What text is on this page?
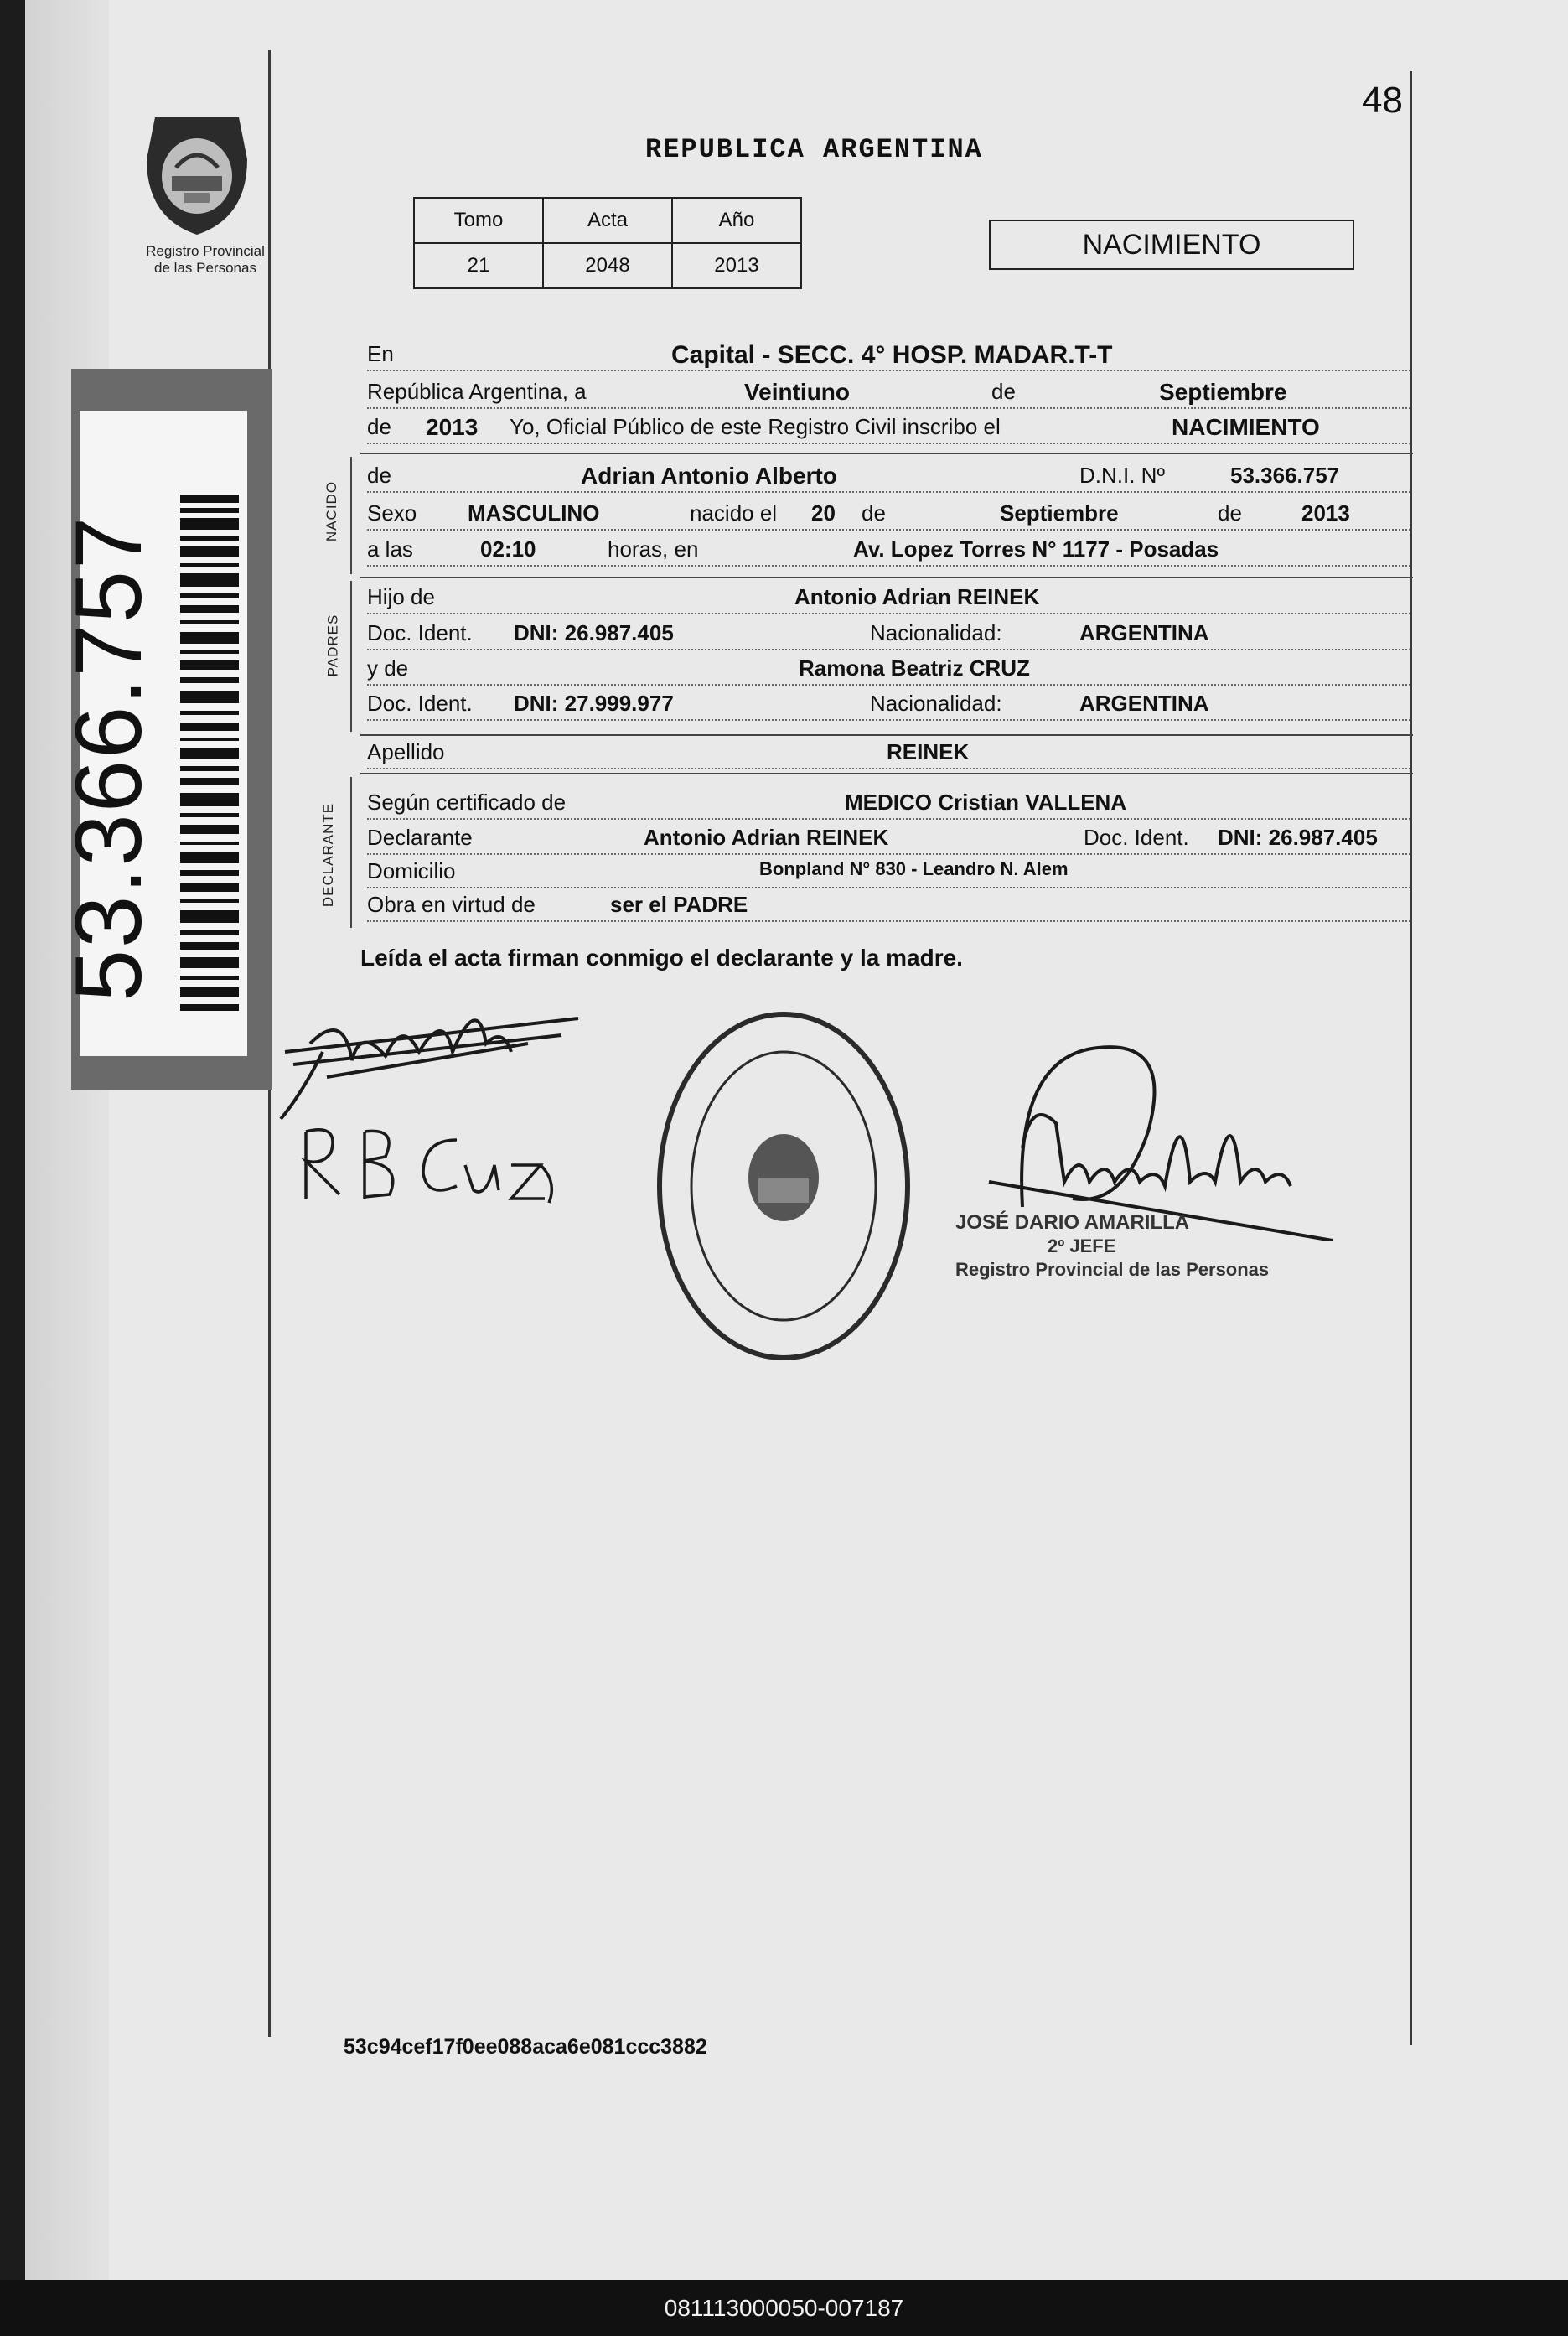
Registro Provincial
de las Personas
53.366.757
48
REPUBLICA ARGENTINA
Tomo	Acta	Año
21	2048	2013
NACIMIENTO
En	Capital - SECC. 4° HOSP. MADAR.T-T
República Argentina, a	Veintiuno	de	Septiembre
de 2013 Yo, Oficial Público de este Registro Civil inscribo el	NACIMIENTO
NACIDO
de	Adrian Antonio Alberto	D.N.I. Nº	53.366.757
Sexo MASCULINO	nacido el 20 de	Septiembre	de	2013
a las	02:10	horas, en	Av. Lopez Torres N° 1177 - Posadas
PADRES
Hijo de	Antonio Adrian REINEK
Doc. Ident. DNI: 26.987.405	Nacionalidad:	ARGENTINA
y de	Ramona Beatriz CRUZ
Doc. Ident. DNI: 27.999.977	Nacionalidad:	ARGENTINA
Apellido	REINEK
DECLARANTE
Según certificado de	MEDICO Cristian VALLENA
Declarante	Antonio Adrian REINEK	Doc. Ident. DNI: 26.987.405
Domicilio	Bonpland N° 830 - Leandro N. Alem
Obra en virtud de	ser el PADRE
Leída el acta firman conmigo el declarante y la madre.
JOSÉ DARIO AMARILLA
2º JEFE
Registro Provincial de las Personas
53c94cef17f0ee088aca6e081ccc3882
081113000050-007187
